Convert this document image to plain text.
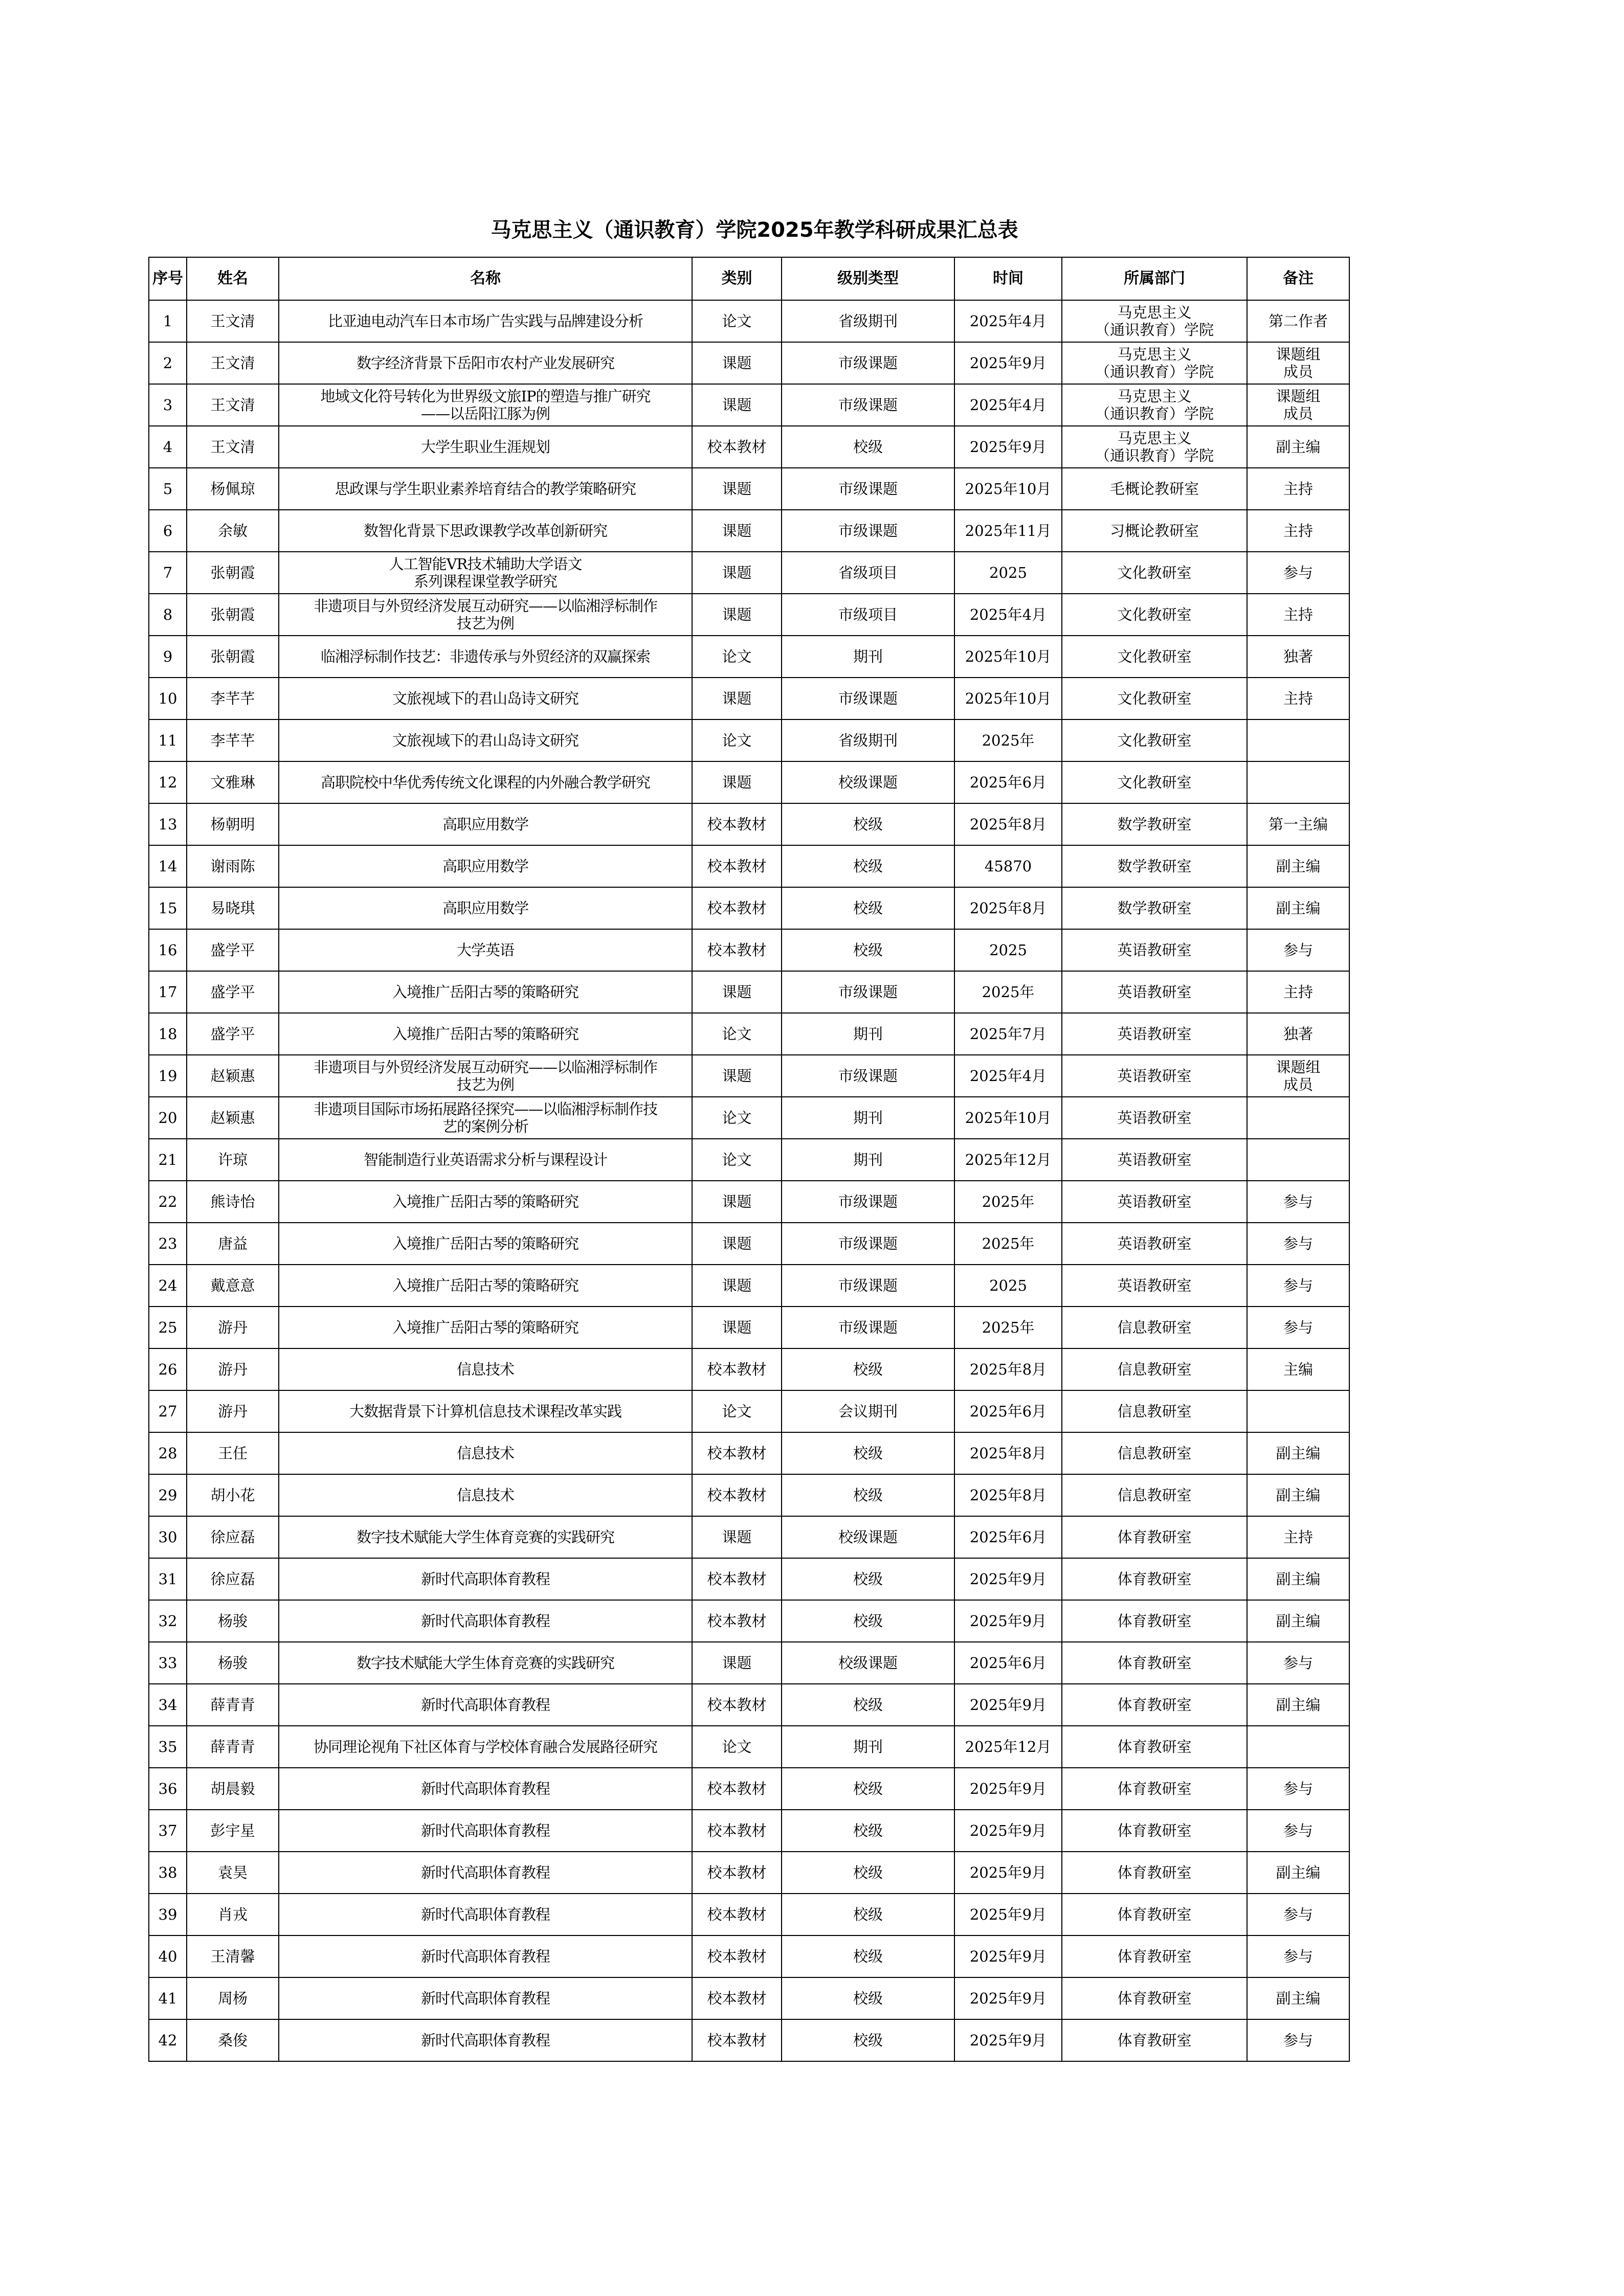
马克思主义（通识教育）学院2025年教学科研成果汇总表
序号	姓名	名称	类别	级别类型	时间	所属部门	备注
1	王文清	比亚迪电动汽车日本市场广告实践与品牌建设分析	论文	省级期刊	2025年4月	马克思主义
（通识教育）学院	第二作者
2	王文清	数字经济背景下岳阳市农村产业发展研究	课题	市级课题	2025年9月	马克思主义
（通识教育）学院	课题组
成员
3	王文清	地域文化符号转化为世界级文旅IP的塑造与推广研究
——以岳阳江豚为例	课题	市级课题	2025年4月	马克思主义
（通识教育）学院	课题组
成员
4	王文清	大学生职业生涯规划	校本教材	校级	2025年9月	马克思主义
（通识教育）学院	副主编
5	杨佩琼	思政课与学生职业素养培育结合的教学策略研究	课题	市级课题	2025年10月	毛概论教研室	主持
6	余敏	数智化背景下思政课教学改革创新研究	课题	市级课题	2025年11月	习概论教研室	主持
7	张朝霞	人工智能VR技术辅助大学语文
系列课程课堂教学研究	课题	省级项目	2025	文化教研室	参与
8	张朝霞	非遗项目与外贸经济发展互动研究——以临湘浮标制作
技艺为例	课题	市级项目	2025年4月	文化教研室	主持
9	张朝霞	临湘浮标制作技艺：非遗传承与外贸经济的双赢探索	论文	期刊	2025年10月	文化教研室	独著
10	李芊芊	文旅视域下的君山岛诗文研究	课题	市级课题	2025年10月	文化教研室	主持
11	李芊芊	文旅视域下的君山岛诗文研究	论文	省级期刊	2025年	文化教研室	
12	文雅琳	高职院校中华优秀传统文化课程的内外融合教学研究	课题	校级课题	2025年6月	文化教研室	
13	杨朝明	高职应用数学	校本教材	校级	2025年8月	数学教研室	第一主编
14	谢雨陈	高职应用数学	校本教材	校级	45870	数学教研室	副主编
15	易晓琪	高职应用数学	校本教材	校级	2025年8月	数学教研室	副主编
16	盛学平	大学英语	校本教材	校级	2025	英语教研室	参与
17	盛学平	入境推广岳阳古琴的策略研究	课题	市级课题	2025年	英语教研室	主持
18	盛学平	入境推广岳阳古琴的策略研究	论文	期刊	2025年7月	英语教研室	独著
19	赵颖惠	非遗项目与外贸经济发展互动研究——以临湘浮标制作
技艺为例	课题	市级课题	2025年4月	英语教研室	课题组
成员
20	赵颖惠	非遗项目国际市场拓展路径探究——以临湘浮标制作技
艺的案例分析	论文	期刊	2025年10月	英语教研室	
21	许琼	智能制造行业英语需求分析与课程设计	论文	期刊	2025年12月	英语教研室	
22	熊诗怡	入境推广岳阳古琴的策略研究	课题	市级课题	2025年	英语教研室	参与
23	唐益	入境推广岳阳古琴的策略研究	课题	市级课题	2025年	英语教研室	参与
24	戴意意	入境推广岳阳古琴的策略研究	课题	市级课题	2025	英语教研室	参与
25	游丹	入境推广岳阳古琴的策略研究	课题	市级课题	2025年	信息教研室	参与
26	游丹	信息技术	校本教材	校级	2025年8月	信息教研室	主编
27	游丹	大数据背景下计算机信息技术课程改革实践	论文	会议期刊	2025年6月	信息教研室	
28	王任	信息技术	校本教材	校级	2025年8月	信息教研室	副主编
29	胡小花	信息技术	校本教材	校级	2025年8月	信息教研室	副主编
30	徐应磊	数字技术赋能大学生体育竞赛的实践研究	课题	校级课题	2025年6月	体育教研室	主持
31	徐应磊	新时代高职体育教程	校本教材	校级	2025年9月	体育教研室	副主编
32	杨骏	新时代高职体育教程	校本教材	校级	2025年9月	体育教研室	副主编
33	杨骏	数字技术赋能大学生体育竞赛的实践研究	课题	校级课题	2025年6月	体育教研室	参与
34	薛青青	新时代高职体育教程	校本教材	校级	2025年9月	体育教研室	副主编
35	薛青青	协同理论视角下社区体育与学校体育融合发展路径研究	论文	期刊	2025年12月	体育教研室	
36	胡晨毅	新时代高职体育教程	校本教材	校级	2025年9月	体育教研室	参与
37	彭宇星	新时代高职体育教程	校本教材	校级	2025年9月	体育教研室	参与
38	袁昊	新时代高职体育教程	校本教材	校级	2025年9月	体育教研室	副主编
39	肖戎	新时代高职体育教程	校本教材	校级	2025年9月	体育教研室	参与
40	王清馨	新时代高职体育教程	校本教材	校级	2025年9月	体育教研室	参与
41	周杨	新时代高职体育教程	校本教材	校级	2025年9月	体育教研室	副主编
42	桑俊	新时代高职体育教程	校本教材	校级	2025年9月	体育教研室	参与
